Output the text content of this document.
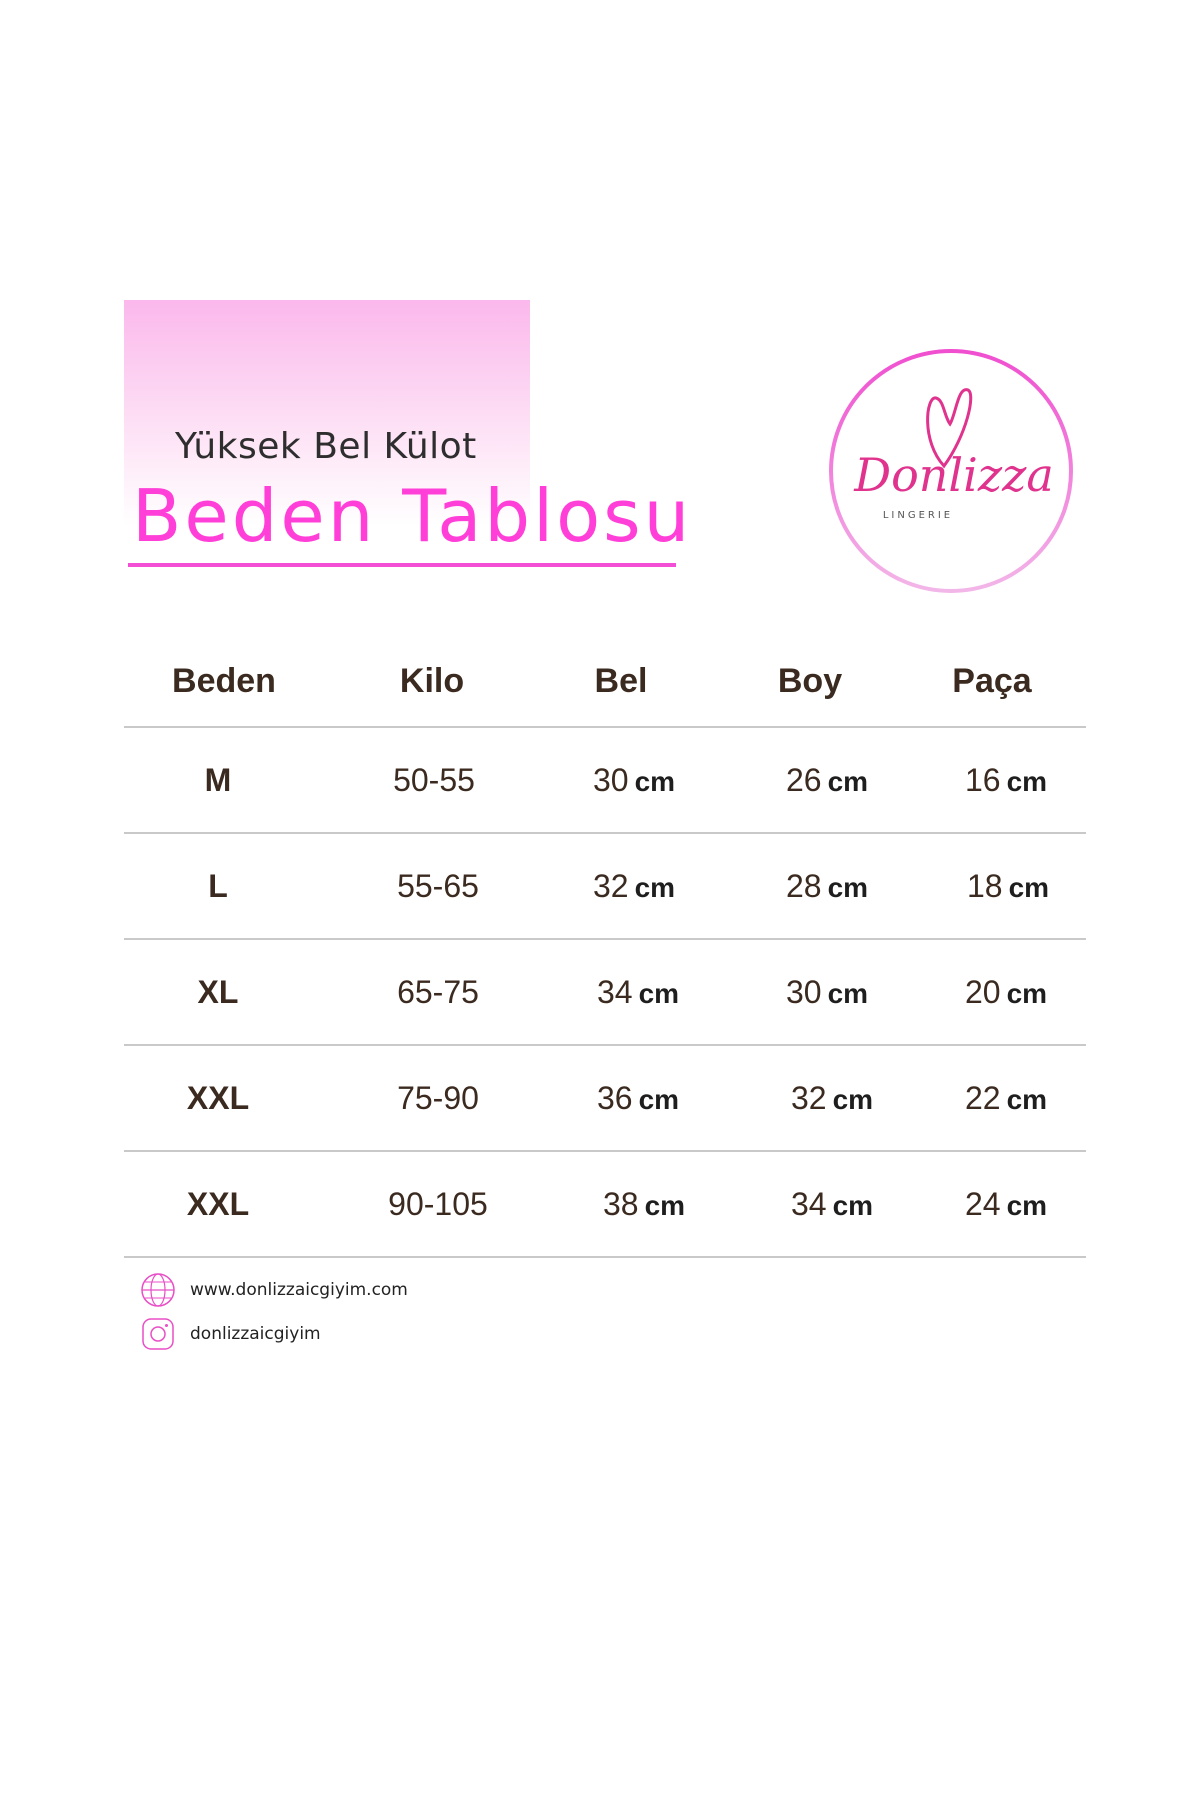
Yüksek Bel Külot
Beden Tablosu	Donlizza
LINGERIE
Beden	Kilo	Bel	Boy	Paça
M	50-55	30 cm	26 cm	16 cm
L	55-65	32 cm	28 cm	18 cm
XL	65-75	34 cm	30 cm	20 cm
XXL	75-90	36 cm	32 cm	22 cm
XXL	90-105	38 cm	34 cm	24 cm
www.donlizzaicgiyim.com
donlizzaicgiyim
